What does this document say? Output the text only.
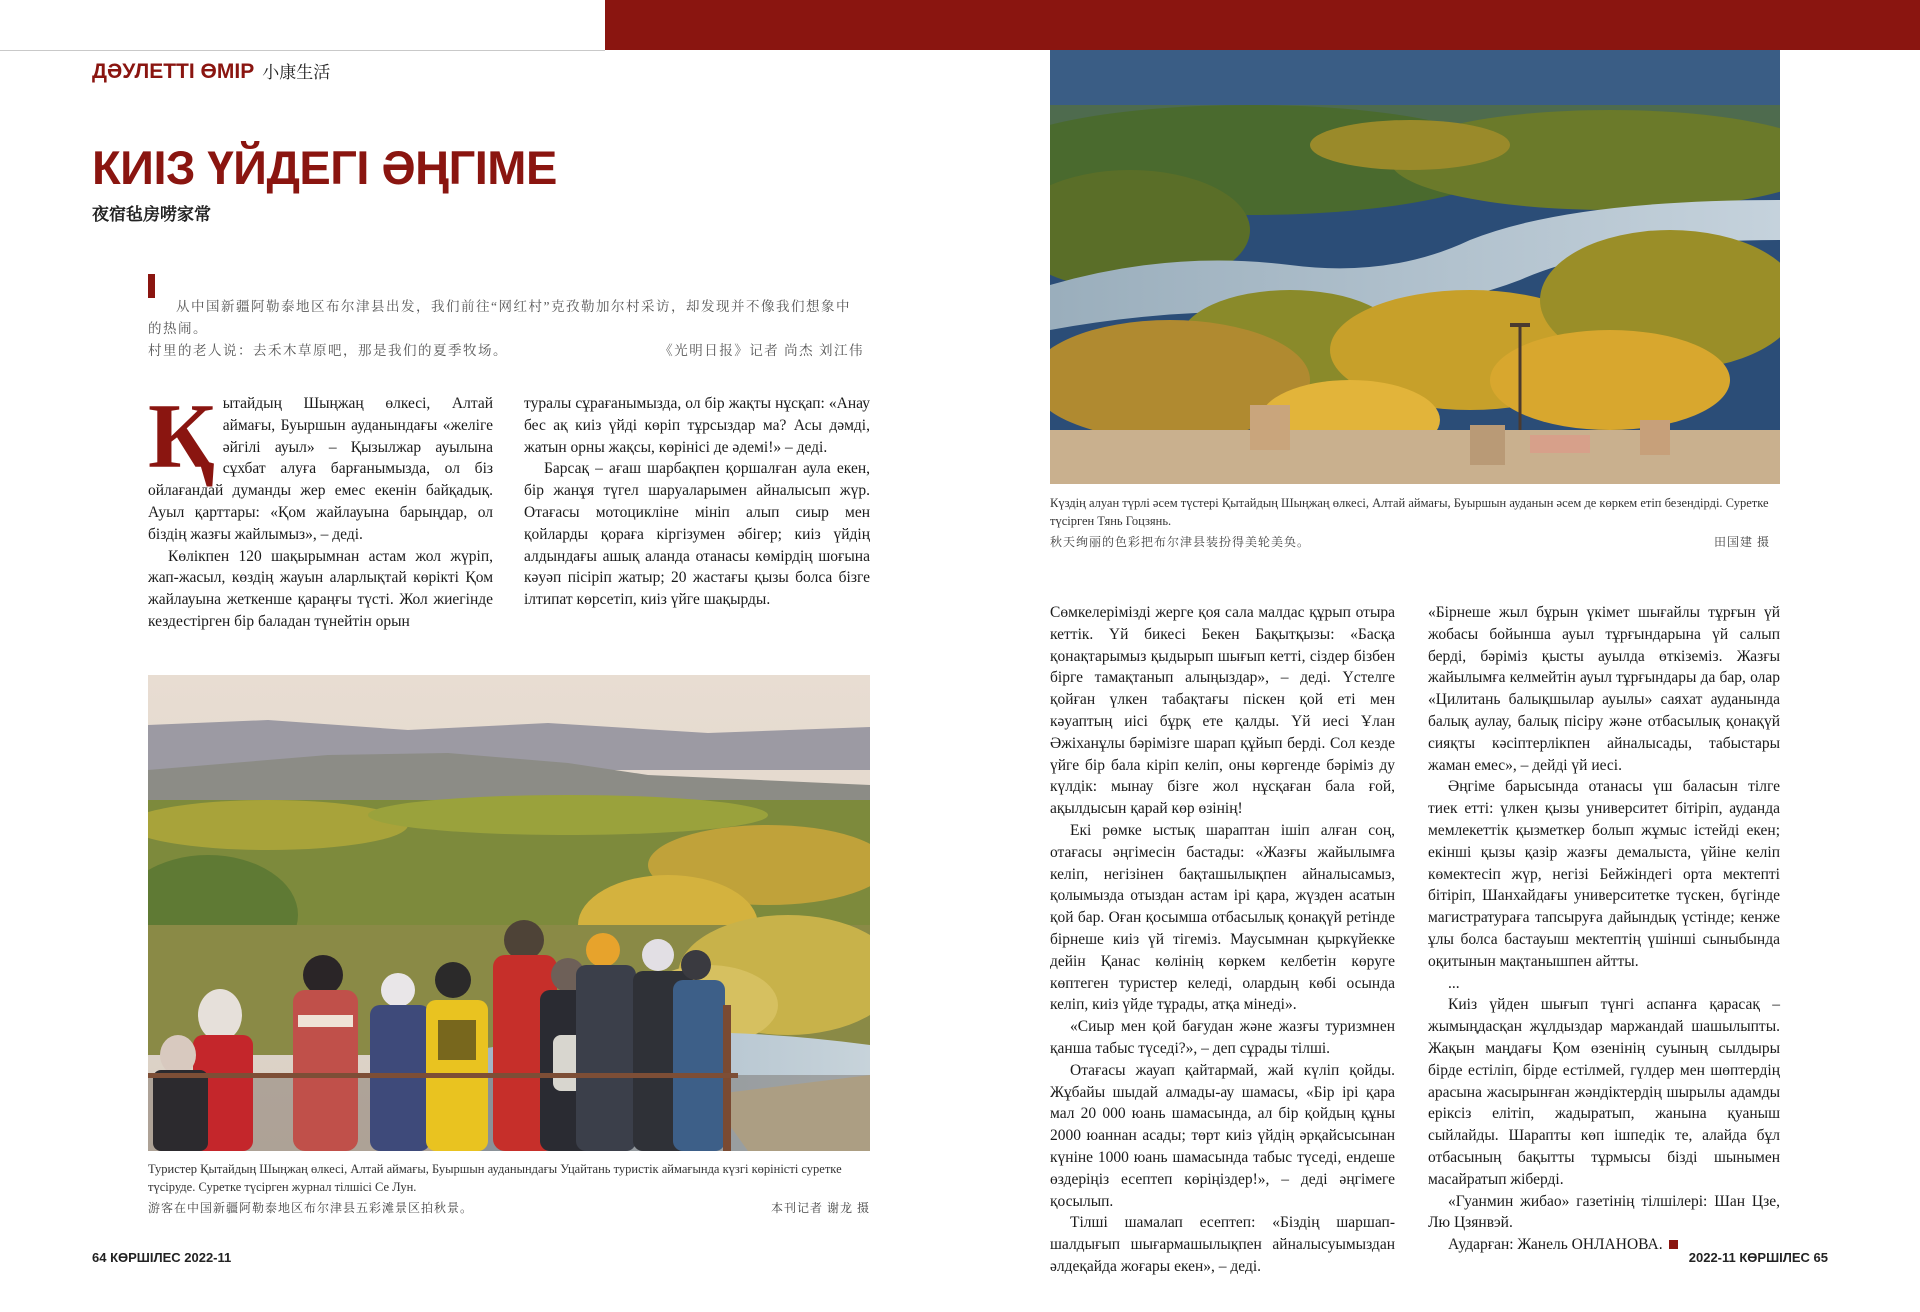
ДӘУЛЕТТІ ӨМІР 小康生活
КИІЗ ҮЙДЕГІ ӘҢГІМЕ
夜宿毡房唠家常

从中国新疆阿勒泰地区布尔津县出发，我们前往“网红村”克孜勒加尔村采访，却发现并不像我们想象中的热闹。

村里的老人说：去禾木草原吧，那是我们的夏季牧场。	《光明日报》记者 尚杰 刘江伟

Қытайдың Шыңжаң өлкесі, Алтай аймағы, Буыршын ауданындағы «желіге әйгілі ауыл» – Қызылжар ауылына сұхбат алуға барғанымызда, ол біз ойлағандай думанды жер емес екенін байқадық. Ауыл қарттары: «Қом жайлауына барыңдар, ол біздің жазғы жайлымыз», – деді.

Көлікпен 120 шақырымнан астам жол жүріп, жап-жасыл, көздің жауын аларлықтай көрікті Қом жайлауына жеткенше қараңғы түсті. Жол жиегінде кездестірген бір баладан түнейтін орын

туралы сұрағанымызда, ол бір жақты нұсқап: «Анау бес ақ киіз үйді көріп тұрсыздар ма? Асы дәмді, жатын орны жақсы, көрінісі де әдемі!» – деді.

Барсақ – ағаш шарбақпен қоршалған аула екен, бір жанұя түгел шаруаларымен айналысып жүр. Отағасы мотоцикліне мініп алып сиыр мен қойларды қораға кіргізумен әбігер; киіз үйдің алдындағы ашық аланда отанасы көмірдің шоғына кәуәп пісіріп жатыр; 20 жастағы қызы болса бізге ілтипат көрсетіп, киіз үйге шақырды.

Туристер Қытайдың Шыңжаң өлкесі, Алтай аймағы, Буыршын ауданындағы Уцайтань туристік аймағында күзгі көріністі суретке түсіруде. Суретке түсірген журнал тілшісі Се Лун.
游客在中国新疆阿勒泰地区布尔津县五彩滩景区拍秋景。	本刊记者 谢龙 摄
Күздің алуан түрлі әсем түстері Қытайдың Шыңжаң өлкесі, Алтай аймағы, Буыршын ауданын әсем де көркем етіп безендірді. Суретке түсірген Тянь Гоцзянь.
秋天绚丽的色彩把布尔津县装扮得美轮美奂。	田国建 摄

Сөмкелерімізді жерге қоя сала малдас құрып отыра кеттік. Үй бикесі Бекен Бақытқызы: «Басқа қонақтарымыз қыдырып шығып кетті, сіздер бізбен бірге тамақтанып алыңыздар», – деді. Үстелге қойған үлкен табақтағы піскен қой еті мен кәуаптың иісі бұрқ ете қалды. Үй иесі Ұлан Әжіханұлы бәрімізге шарап құйып берді. Сол кезде үйге бір бала кіріп келіп, оны көргенде бәріміз ду күлдік: мынау бізге жол нұсқаған бала ғой, ақылдысын қарай көр өзінің!

Екі рөмке ыстық шараптан ішіп алған соң, отағасы әңгімесін бастады: «Жазғы жайылымға келіп, негізінен бақташылықпен айналысамыз, қолымызда отыздан астам ірі қара, жүзден асатын қой бар. Оған қосымша отбасылық қонақүй ретінде бірнеше киіз үй тігеміз. Маусымнан қыркүйекке дейін Қанас көлінің көркем келбетін көруге көптеген туристер келеді, олардың көбі осында келіп, киіз үйде тұрады, атқа мінеді».

«Сиыр мен қой бағудан және жазғы туризмнен қанша табыс түседі?», – деп сұрады тілші.

Отағасы жауап қайтармай, жай күліп қойды. Жұбайы шыдай алмады-ау шамасы, «Бір ірі қара мал 20 000 юань шамасында, ал бір қойдың құны 2000 юаннан асады; төрт киіз үйдің әрқайсысынан күніне 1000 юань шамасында табыс түседі, ендеше өздеріңіз есептеп көріңіздер!», – деді әңгімеге қосылып.

Тілші шамалап есептеп: «Біздің шаршап-шалдығып шығармашылықпен айналысуымыздан әлдеқайда жоғары екен», – деді.

«Бірнеше жыл бұрын үкімет шығайлы тұрғын үй жобасы бойынша ауыл тұрғындарына үй салып берді, бәріміз қысты ауылда өткіземіз. Жазғы жайылымға келмейтін ауыл тұрғындары да бар, олар «Цилитань балықшылар ауылы» саяхат ауданында балық аулау, балық пісіру және отбасылық қонақүй сияқты кәсіптерлікпен айналысады, табыстары жаман емес», – дейді үй иесі.

Әңгіме барысында отанасы үш баласын тілге тиек етті: үлкен қызы университет бітіріп, ауданда мемлекеттік қызметкер болып жұмыс істейді екен; екінші қызы қазір жазғы демалыста, үйіне келіп көмектесіп жүр, негізі Бейжіндегі орта мектепті бітіріп, Шанхайдағы университетке түскен, бүгінде магистратураға тапсыруға дайындық үстінде; кенже ұлы болса бастауыш мектептің үшінші сыныбында оқитынын мақтанышпен айтты.

...

Киіз үйден шығып түнгі аспанға қарасақ – жымыңдасқан жұлдыздар маржандай шашылыпты. Жақын маңдағы Қом өзенінің суының сылдыры бірде естіліп, бірде естілмей, гүлдер мен шөптердің арасына жасырынған жәндіктердің шырылы адамды еріксіз елітіп, жадыратып, жанына қуаныш сыйлайды. Шарапты көп ішпедік те, алайда бұл отбасының бақытты тұрмысы бізді шынымен масайратып жіберді.

«Гуанмин жибао» газетінің тілшілері: Шан Цзе, Лю Цзянвэй.

Аударған: Жанель ОНЛАНОВА.

64 КӨРШІЛЕС 2022-11	2022-11 КӨРШІЛЕС 65
